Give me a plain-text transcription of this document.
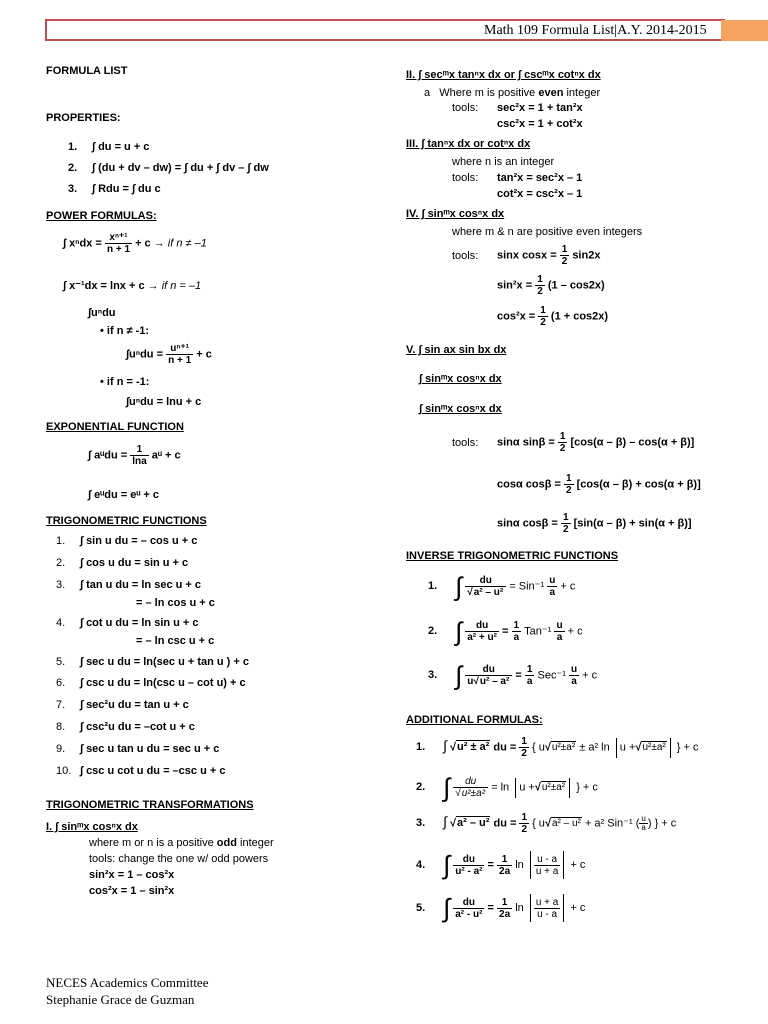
Math 109 Formula List|A.Y. 2014-2015
FORMULA LIST
PROPERTIES:
1. ∫ du = u + c
2. ∫ (du + dv – dw) = ∫ du + ∫ dv – ∫ dw
3. ∫ Rdu = ∫ du c
POWER FORMULAS:
∫ $x^ndx = \frac{\text{xⁿ⁺¹}}{n + 1} + c$ → if n ≠ –1
∫ x⁻¹dx = lnx + c → if n = –1
∫uⁿdu
• if n ≠ -1:
$\int u^ndu = \frac{\text{uⁿ⁺¹}}{n + 1} + c$
• if n = -1:
∫uⁿdu = lnu + c
EXPONENTIAL FUNCTION
∫ aᵘdu = $\frac{1}{\ln a}$ aᵘ + c
∫ eᵘdu = eᵘ + c
TRIGONOMETRIC FUNCTIONS
1. ∫ sin u du = – cos u + c
2. ∫ cos u du = sin u + c
3. ∫ tan u du = ln sec u + c
= – ln cos u + c
4. ∫ cot u du = ln sin u + c
= – ln csc u + c
5. ∫ sec u du = ln(sec u + tan u ) + c
6. ∫ csc u du = ln(csc u – cot u) + c
7. ∫ sec²u du = tan u + c
8. ∫ csc²u du = –cot u + c
9. ∫ sec u tan u du = sec u + c
10. ∫ csc u cot u du = –csc u + c
TRIGONOMETRIC TRANSFORMATIONS
I. ∫ sinᵐx cosⁿx dx
where m or n is a positive odd integer
tools: change the one w/ odd powers
sin²x = 1 – cos²x
cos²x = 1 – sin²x
II. ∫ secᵐx tanⁿx dx or ∫ cscᵐx cotⁿx dx
a Where m is positive even integer
tools: sec²x = 1 + tan²x
csc²x = 1 + cot²x
III. ∫ tanⁿx dx or cotⁿx dx
where n is an integer
tools: tan²x = sec²x – 1
cot²x = csc²x – 1
IV. ∫ sinᵐx cosⁿx dx
where m & n are positive even integers
tools: sinx $\cos x = \frac{1}{2} \sin 2x$
$\sin^2x = \frac{1}{2} (1 - \cos 2x)$
$\cos^2x = \frac{1}{2} (1 + \cos 2x)$
V. ∫ sin ax sin bx dx
∫ sinᵐx cosⁿx dx
∫ sinᵐx cosⁿx dx
tools: sinα $\sin\beta = \frac{1}{2} [\cos(\alpha - \beta) - \cos(\alpha + \beta)]$
cosα $\cos\beta = \frac{1}{2} [\cos(\alpha - \beta) + \cos(\alpha + \beta)]$
sinα $\cos\beta = \frac{1}{2} [\sin(\alpha - \beta) + \sin(\alpha + \beta)]$
INVERSE TRIGONOMETRIC FUNCTIONS
1. ∫ $\frac{du}{\text{√a² – u²}} = Sin^{-1} \frac{u}{a} + c$
2. ∫ $\frac{du}{\text{a² + u²}} = \frac{1}{a} Tan^{-1} \frac{u}{a} + c$
3. ∫ $\frac{du}{\text{u√u² – a²}} = \frac{1}{a} Sec^{-1} \frac{u}{a} + c$
ADDITIONAL FORMULAS:
1. ∫ √u² ± a² du = $\frac{1}{2}$ { u√u²±a² ± a² ln u +√u²±a² } + c
2. ∫ $\frac{du}{\text{√u²±a²}} = \ln u +√u^2\pm a^2$ } + c
3. ∫ √a² – u² du = $\frac{1}{2}$ { u√a² – u² + a² Sin⁻¹ ( $\frac{u}{a}$ ) } + c
4. ∫ $\frac{du}{\text{u² - a²}} = \frac{1}{2a}$ $\ln \frac{u - a}{u + a} + c$
5. ∫ $\frac{du}{\text{a² - u²}} = \frac{1}{2a}$ $\ln \frac{u + a}{u - a} + c$
NECES Academics Committee
Stephanie Grace de Guzman
